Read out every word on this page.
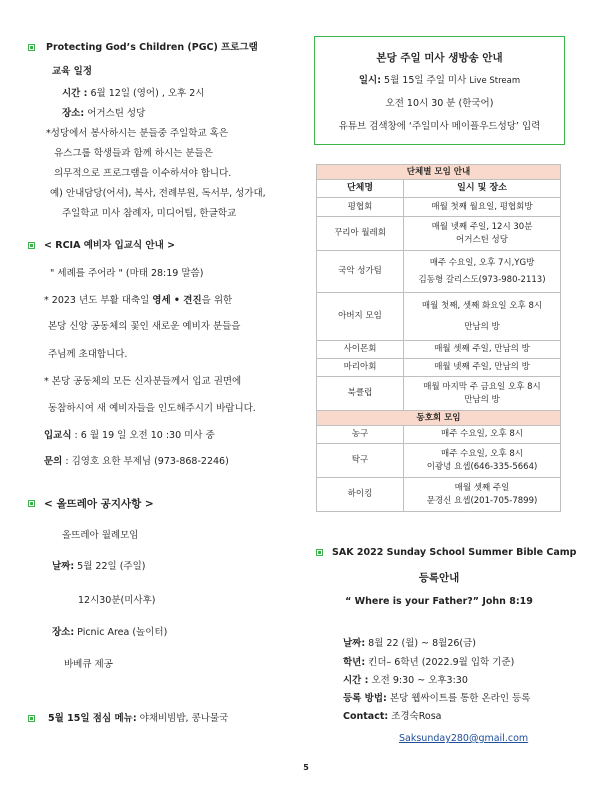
Protecting God’s Children (PGC) 프로그램
교육 일정
시간 : 6월 12일 (영어) , 오후 2시
장소: 어거스틴 성당
*성당에서 봉사하시는 분들중 주일학교 혹은
유스그룹 학생들과 함께 하시는 분들은
의무적으로 프로그램을 이수하셔야 합니다.
예) 안내담당(어셔), 복사, 전례부원, 독서부, 성가대,
주일학교 미사 참례자, 미디어팀, 한글학교
< RCIA 예비자 입교식 안내 >
" 세례를 주어라 " (마태 28:19 말씀)
* 2023 년도 부활 대축일 영세 • 견진을 위한
본당 신앙 공동체의 꽃인 새로운 예비자 분들을
주님께 초대합니다.
* 본당 공동체의 모든 신자분들께서 입교 권면에
동참하시여 새 예비자들을 인도해주시기 바랍니다.
입교식 : 6 월 19 일 오전 10 :30 미사 중
문의 : 김영호 요한 부제님 (973-868-2246)
< 올뜨레아 공지사항 >
올뜨레아 월례모임
날짜: 5월 22일 (주일)
12시30분(미사후)
장소: Picnic Area (놀이터)
바베큐 제공
5월 15일 점심 메뉴: 야채비빔밥, 콩나물국
본당 주일 미사 생방송 안내
일시: 5월 15일 주일 미사 Live Stream
오전 10시 30 분 (한국어)
유튜브 검색창에 ‘주일미사 메이플우드성당’ 입력
단체별 모임 안내	
단체명	일시 및 장소
평협회	매월 첫째 월요일, 평협회방
꾸리아 월레회	매월 넷째 주일, 12시 30분
어거스틴 성당

국악 성가팀	매주 수요일, 오후 7시,YG방
김동형 갈리스도(973-980-2113)

아버지 모임	매월 첫째, 셋째 화요일 오후 8시
만남의 방

사이몬회	매월 셋째 주일, 만남의 방
마리아회	매월 넷째 주일, 만남의 방
북클럽	매월 마지막 주 금요일 오후 8시
만남의 방

동호회 모임	
농구	매주 수요일, 오후 8시
탁구	매주 수요일, 오후 8시
이광녕 요셉(646-335-5664)

하이킹	매월 셋째 주일
문경신 요셉(201-705-7899)
SAK 2022 Sunday School Summer Bible Camp
등록안내
“ Where is your Father?” John 8:19
날짜: 8월 22 (월) ~ 8월26(금)
학년: 킨더– 6학년 (2022.9월 입학 기준)
시간 : 오전 9:30 ~ 오후3:30
등록 방법: 본당 웹싸이트를 통한 온라인 등록
Contact: 조경숙Rosa
Saksunday280@gmail.com
5
